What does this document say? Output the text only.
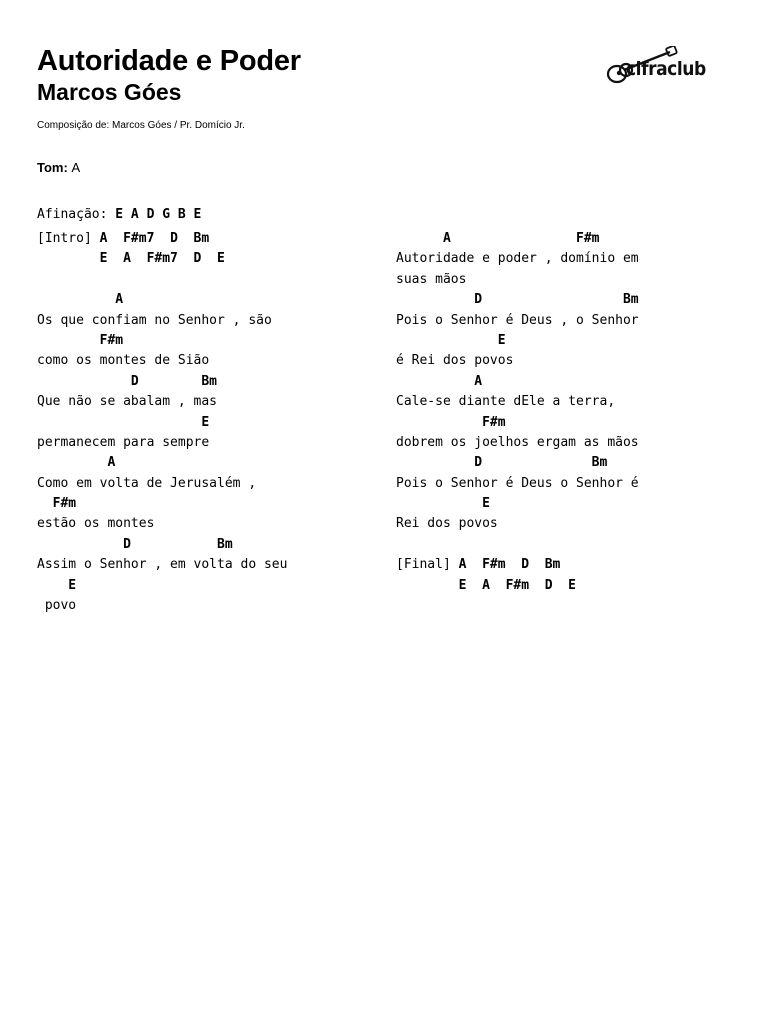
Autoridade e Poder
Marcos Góes
Composição de: Marcos Góes / Pr. Domício Jr.
cifraclub
Tom: A
Afinação: E A D G B E
[Intro] A  F#m7  D  Bm
E  A  F#m7  D  E
A
Os que confiam no Senhor , são
F#m
como os montes de Sião
D        Bm
Que não se abalam , mas
E
permanecem para sempre
A
Como em volta de Jerusalém ,
F#m
estão os montes
D           Bm
Assim o Senhor , em volta do seu
E
povo
A                F#m
Autoridade e poder , domínio em
suas mãos
D                  Bm
Pois o Senhor é Deus , o Senhor
E
é Rei dos povos
A
Cale-se diante dEle a terra,
F#m
dobrem os joelhos ergam as mãos
D              Bm
Pois o Senhor é Deus o Senhor é
E
Rei dos povos
[Final] A  F#m  D  Bm
E  A  F#m  D  E
